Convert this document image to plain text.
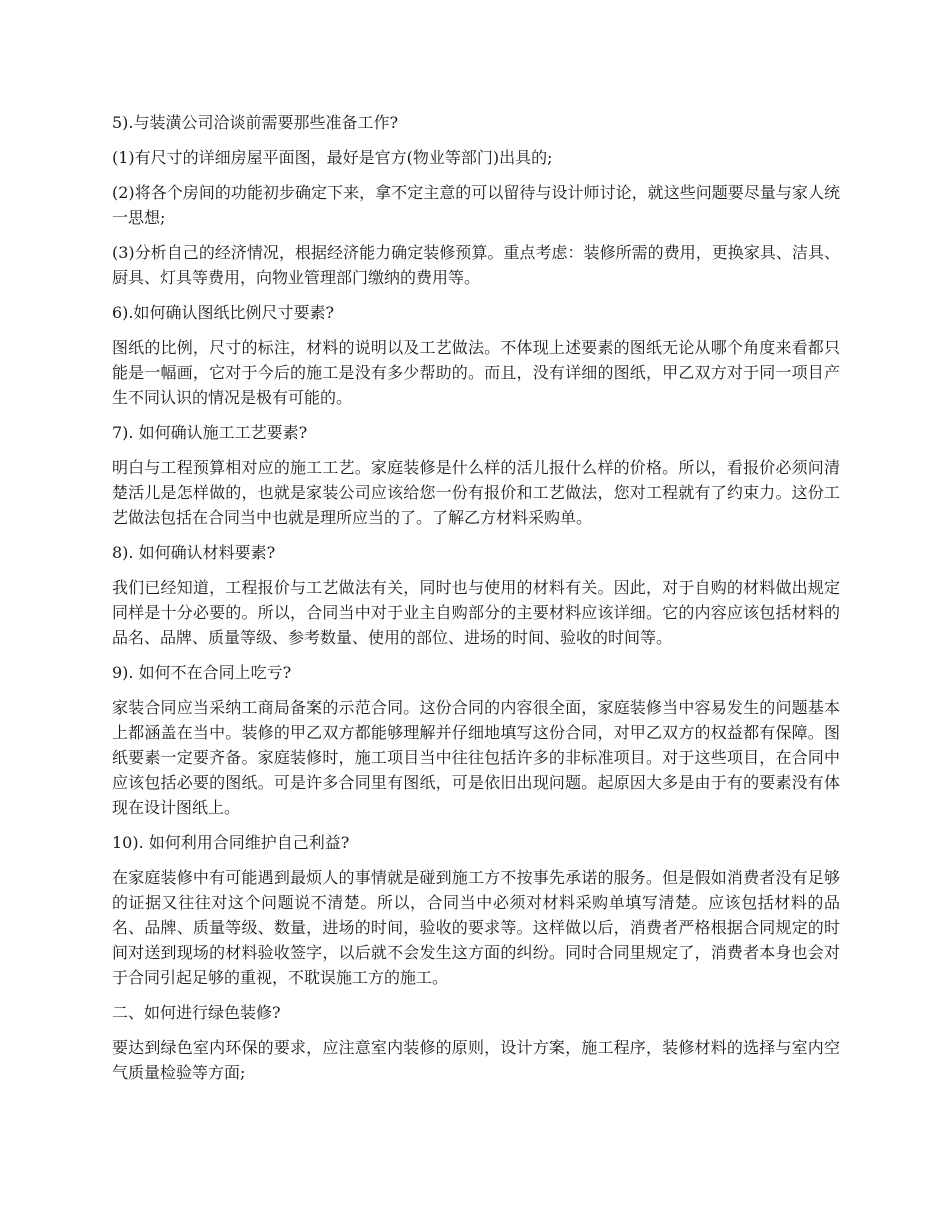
5).与装潢公司洽谈前需要那些准备工作?

(1)有尺寸的详细房屋平面图，最好是官方(物业等部门)出具的;

(2)将各个房间的功能初步确定下来，拿不定主意的可以留待与设计师讨论，就这些问题要尽量与家人统一思想;

(3)分析自己的经济情况，根据经济能力确定装修预算。重点考虑：装修所需的费用，更换家具、洁具、厨具、灯具等费用，向物业管理部门缴纳的费用等。

6).如何确认图纸比例尺寸要素?

图纸的比例，尺寸的标注，材料的说明以及工艺做法。不体现上述要素的图纸无论从哪个角度来看都只能是一幅画，它对于今后的施工是没有多少帮助的。而且，没有详细的图纸，甲乙双方对于同一项目产生不同认识的情况是极有可能的。

7). 如何确认施工工艺要素?

明白与工程预算相对应的施工工艺。家庭装修是什么样的活儿报什么样的价格。所以，看报价必须问清楚活儿是怎样做的，也就是家装公司应该给您一份有报价和工艺做法，您对工程就有了约束力。这份工艺做法包括在合同当中也就是理所应当的了。了解乙方材料采购单。

8). 如何确认材料要素?

我们已经知道，工程报价与工艺做法有关，同时也与使用的材料有关。因此，对于自购的材料做出规定同样是十分必要的。所以，合同当中对于业主自购部分的主要材料应该详细。它的内容应该包括材料的品名、品牌、质量等级、参考数量、使用的部位、进场的时间、验收的时间等。

9). 如何不在合同上吃亏?

家装合同应当采纳工商局备案的示范合同。这份合同的内容很全面，家庭装修当中容易发生的问题基本上都涵盖在当中。装修的甲乙双方都能够理解并仔细地填写这份合同，对甲乙双方的权益都有保障。图纸要素一定要齐备。家庭装修时，施工项目当中往往包括许多的非标准项目。对于这些项目，在合同中应该包括必要的图纸。可是许多合同里有图纸，可是依旧出现问题。起原因大多是由于有的要素没有体现在设计图纸上。

10). 如何利用合同维护自己利益?

在家庭装修中有可能遇到最烦人的事情就是碰到施工方不按事先承诺的服务。但是假如消费者没有足够的证据又往往对这个问题说不清楚。所以，合同当中必须对材料采购单填写清楚。应该包括材料的品名、品牌、质量等级、数量，进场的时间，验收的要求等。这样做以后，消费者严格根据合同规定的时间对送到现场的材料验收签字，以后就不会发生这方面的纠纷。同时合同里规定了，消费者本身也会对于合同引起足够的重视，不耽误施工方的施工。

二、如何进行绿色装修?

要达到绿色室内环保的要求，应注意室内装修的原则，设计方案，施工程序，装修材料的选择与室内空气质量检验等方面;
